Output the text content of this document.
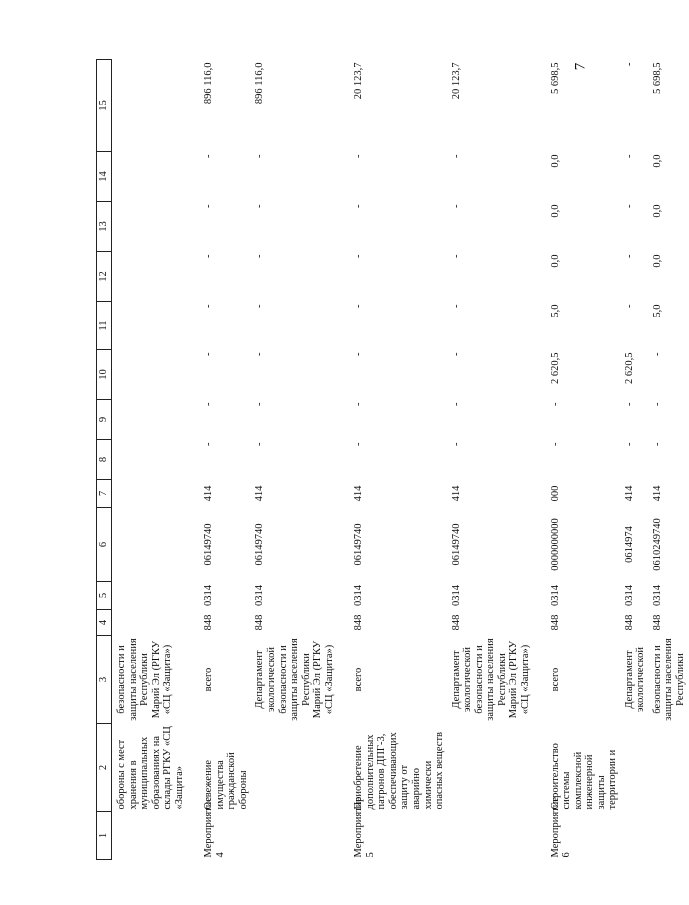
7
1	2	3	4	5	6	7	8	9	10	11	12	13	14	15
	обороны с мест хранения в муниципальных образованиях на склады РГКУ «СЦ «Защита»	безопасности и защиты населения Республики Марий Эл (РГКУ «СЦ «Защита»)												
Мероприятие 4	Освежение имущества гражданской обороны	всего	848	0314	06149740	414	-	-	-	-	-	-	-	896 116,0
		Департамент экологической безопасности и защиты населения Республики Марий Эл (РГКУ «СЦ «Защита»)	848	0314	06149740	414	-	-	-	-	-	-	-	896 116,0
Мероприятие 5	Приобретение дополнительных патронов ДПГ-3, обеспечивающих защиту от аварийно химически опасных веществ	всего	848	0314	06149740	414	-	-	-	-	-	-	-	20 123,7
		Департамент экологической безопасности и защиты населения Республики Марий Эл (РГКУ «СЦ «Защита»)	848	0314	06149740	414	-	-	-	-	-	-	-	20 123,7
Мероприятие 6	Строительство системы комплексной инженерной защиты территории и	всего	848	0314	0000000000	000	-	-	2 620,5	5,0	0,0	0,0	0,0	5 698,5
		Департамент экологической	848	0314	0614974	414	-	-	2 620,5	-	-	-	-	-
		безопасности и защиты населения Республики	848	0314	0610249740	414	-	-	-	5,0	0,0	0,0	0,0	5 698,5
